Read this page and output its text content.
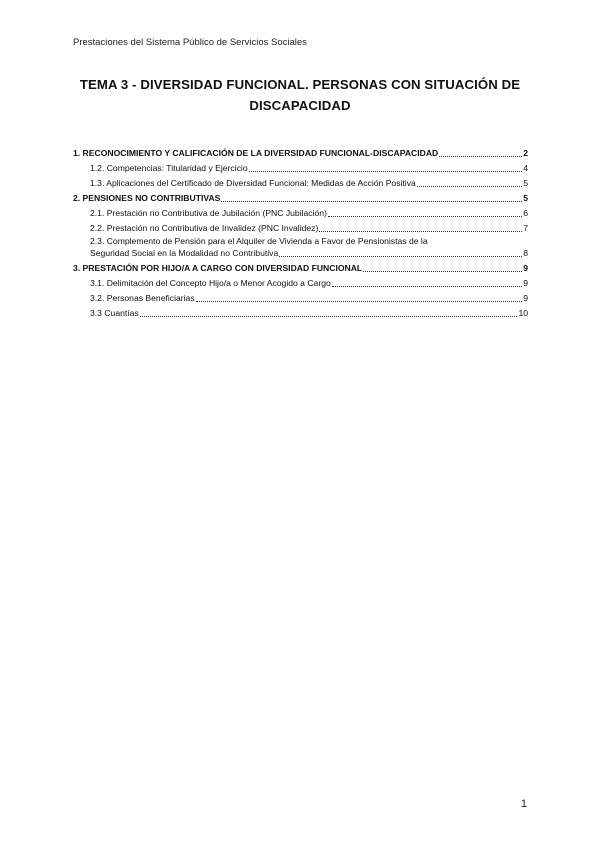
Prestaciones del Sistema Público de Servicios Sociales
TEMA 3 - DIVERSIDAD FUNCIONAL. PERSONAS CON SITUACIÓN DE DISCAPACIDAD
1. RECONOCIMIENTO Y CALIFICACIÓN DE LA DIVERSIDAD FUNCIONAL-DISCAPACIDAD	2
1.2. Competencias: Titularidad y Ejercicio	4
1.3. Aplicaciones del Certificado de Diversidad Funcional: Medidas de Acción Positiva	5
2. PENSIONES NO CONTRIBUTIVAS	5
2.1. Prestación no Contributiva de Jubilación (PNC Jubilación)	6
2.2. Prestación no Contributiva de Invalidez (PNC Invalidez)	7
2.3. Complemento de Pensión para el Alquiler de Vivienda a Favor de Pensionistas de la
Seguridad Social en la Modalidad no Contributiva	8
3. PRESTACIÓN POR HIJO/A A CARGO CON DIVERSIDAD FUNCIONAL	9
3.1. Delimitación del Concepto Hijo/a o Menor Acogido a Cargo	9
3.2. Personas Beneficiarias	9
3.3 Cuantías	10
1
